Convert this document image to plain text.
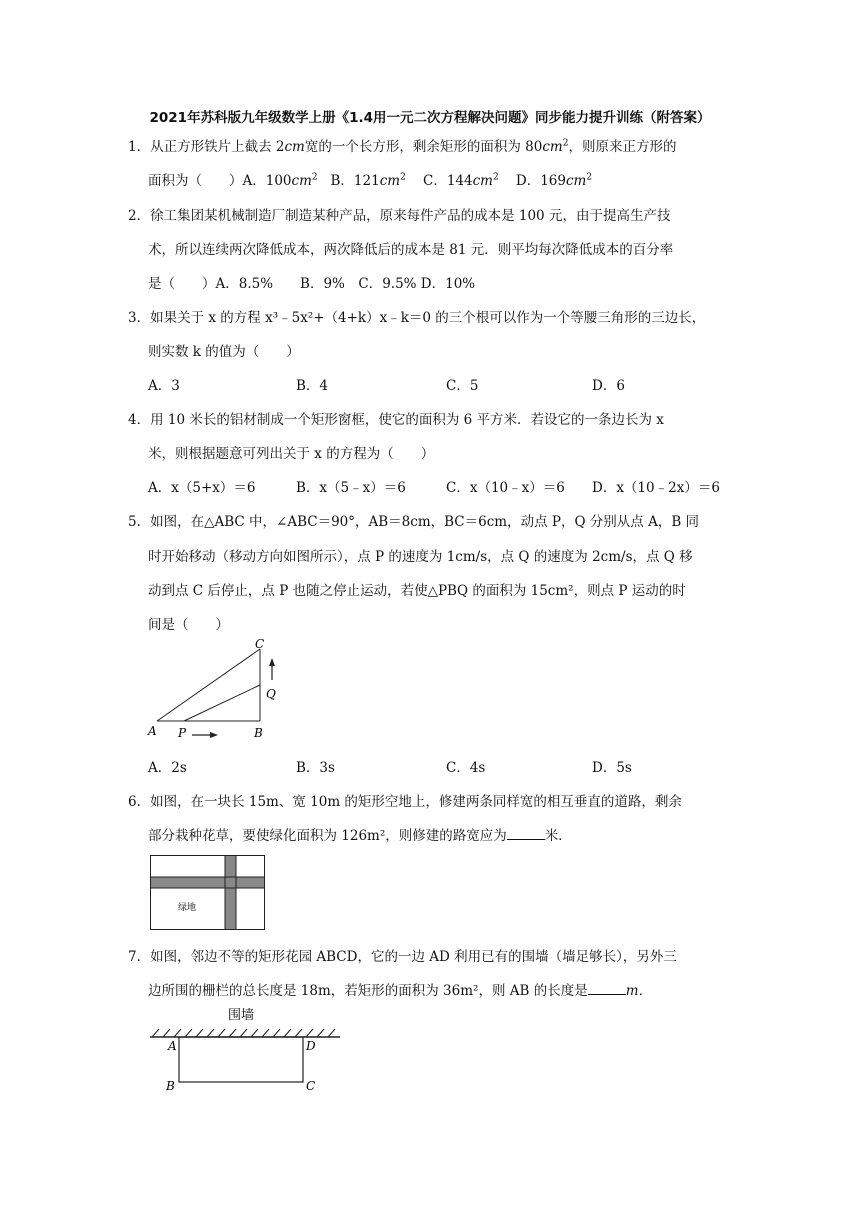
2021年苏科版九年级数学上册《1.4用一元二次方程解决问题》同步能力提升训练（附答案）
1．从正方形铁片上截去 2cm宽的一个长方形，剩余矩形的面积为 $80cm^2$，则原来正方形的
面积为（　　）A．$100cm^2$ B．$121cm^2$ C．$144cm^2$ D．$169cm^2$
2．徐工集团某机械制造厂制造某种产品，原来每件产品的成本是 100 元，由于提高生产技
术，所以连续两次降低成本，两次降低后的成本是 81 元．则平均每次降低成本的百分率
是（　　）A．8.5%　　B．9%　C．9.5% D．10%
3．如果关于 x 的方程 x³﹣5x²+（4+k）x﹣k＝0 的三个根可以作为一个等腰三角形的三边长，
则实数 k 的值为（　　）
A．3	B．4	C．5	D．6
4．用 10 米长的铝材制成一个矩形窗框，使它的面积为 6 平方米．若设它的一条边长为 x
米，则根据题意可列出关于 x 的方程为（　　）
A．x（5+x）＝6	B．x（5﹣x）＝6	C．x（10﹣x）＝6 D．x（10﹣2x）＝6
5．如图，在△ABC 中，∠ABC＝90°，AB＝8cm，BC＝6cm，动点 P，Q 分别从点 A，B 同
时开始移动（移动方向如图所示），点 P 的速度为 1cm/s，点 Q 的速度为 2cm/s，点 Q 移
动到点 C 后停止，点 P 也随之停止运动，若使△PBQ 的面积为 15cm²，则点 P 运动的时
间是（　　）
C
Q
A P	B
A．2s	B．3s	C．4s	D．5s
6．如图，在一块长 15m、宽 10m 的矩形空地上，修建两条同样宽的相互垂直的道路，剩余
部分栽种花草，要使绿化面积为 126m²，则修建的路宽应为	米．
绿地
7．如图，邻边不等的矩形花园 ABCD，它的一边 AD 利用已有的围墙（墙足够长），另外三
边所围的栅栏的总长度是 18m，若矩形的面积为 36m²，则 AB 的长度是	m．
围墙
A	D
B	C
